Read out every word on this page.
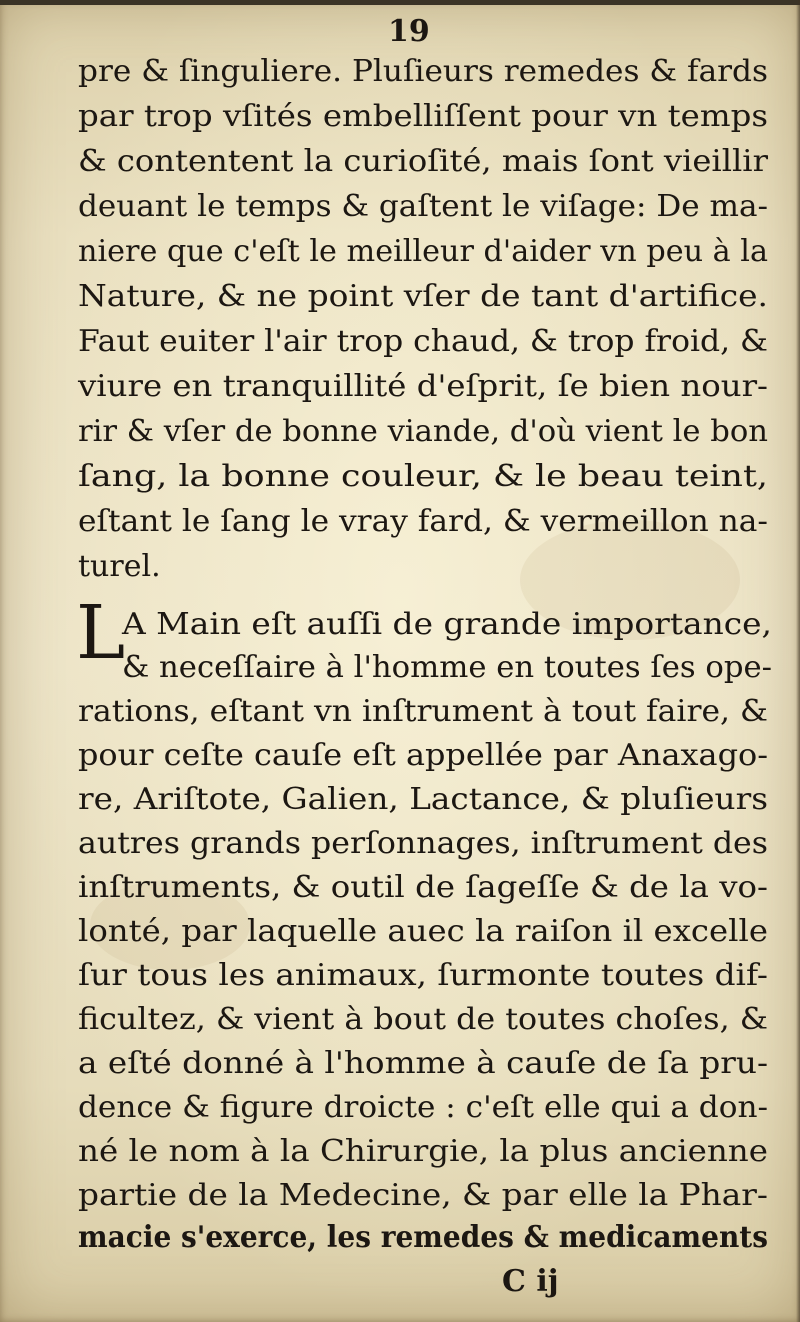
19
pre & ſinguliere. Pluſieurs remedes & fards
par trop vſités embelliſſent pour vn temps
& contentent la curioſité, mais ſont vieillir
deuant le temps & gaſtent le viſage: De ma-
niere que c'eſt le meilleur d'aider vn peu à la
Nature, & ne point vſer de tant d'artifice.
Faut euiter l'air trop chaud, & trop froid, &
viure en tranquillité d'eſprit, ſe bien nour-
rir & vſer de bonne viande, d'où vient le bon
ſang, la bonne couleur, & le beau teint,
eſtant le ſang le vray fard, & vermeillon na-
turel.
L
A Main eſt auſſi de grande importance,
& neceſſaire à l'homme en toutes ſes ope-
rations, eſtant vn inſtrument à tout faire, &
pour ceſte cauſe eſt appellée par Anaxago-
re, Ariſtote, Galien, Lactance, & pluſieurs
autres grands perſonnages, inſtrument des
inſtruments, & outil de ſageſſe & de la vo-
lonté, par laquelle auec la raiſon il excelle
ſur tous les animaux, ſurmonte toutes dif-
ficultez, & vient à bout de toutes choſes, &
a eſté donné à l'homme à cauſe de ſa pru-
dence & figure droicte : c'eſt elle qui a don-
né le nom à la Chirurgie, la plus ancienne
partie de la Medecine, & par elle la Phar-
macie s'exerce, les remedes & medicaments
C ij
